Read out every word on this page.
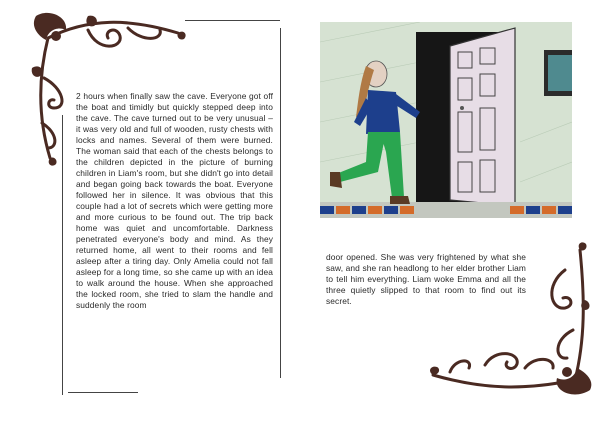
2 hours when finally saw the cave. Everyone got off the boat and timidly but quickly stepped deep into the cave. The cave turned out to be very unusual – it was very old and full of wooden, rusty chests with locks and names. Several of them were burned. The woman said that each of the chests belongs to the children depicted in the picture of burning children in Liam's room, but she didn't go into detail and began going back towards the boat. Everyone followed her in silence. It was obvious that this couple had a lot of secrets which were getting more and more curious to be found out. The trip back home was quiet and uncomfortable. Darkness penetrated everyone's body and mind. As they returned home, all went to their rooms and fell asleep after a tiring day. Only Amelia could not fall asleep for a long time, so she came up with an idea to walk around the house. When she approached the locked room, she tried to slam the handle and suddenly the room
door opened. She was very frightened by what she saw, and she ran headlong to her elder brother Liam to tell him everything. Liam woke Emma and all the three quietly slipped to that room to find out its secret.
